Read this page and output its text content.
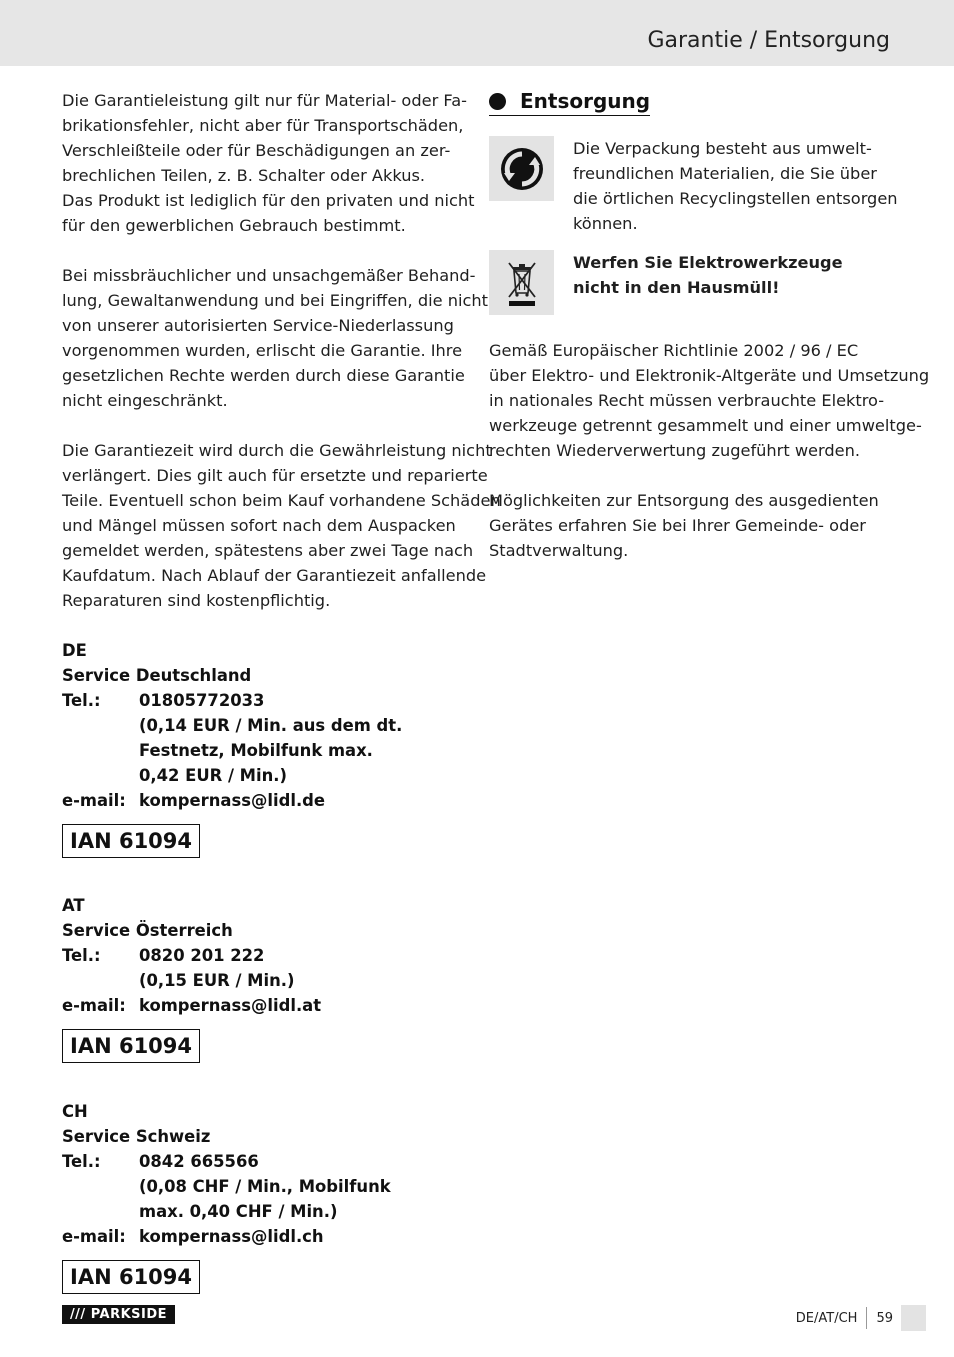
Garantie / Entsorgung

Die Garantieleistung gilt nur für Material- oder Fa-
brikationsfehler, nicht aber für Transportschäden,
Verschleißteile oder für Beschädigungen an zer-
brechlichen Teilen, z. B. Schalter oder Akkus.
Das Produkt ist lediglich für den privaten und nicht
für den gewerblichen Gebrauch bestimmt.

Bei missbräuchlicher und unsachgemäßer Behand-
lung, Gewaltanwendung und bei Eingriffen, die nicht
von unserer autorisierten Service-Niederlassung
vorgenommen wurden, erlischt die Garantie. Ihre
gesetzlichen Rechte werden durch diese Garantie
nicht eingeschränkt.

Die Garantiezeit wird durch die Gewährleistung nicht
verlängert. Dies gilt auch für ersetzte und reparierte
Teile. Eventuell schon beim Kauf vorhandene Schäden
und Mängel müssen sofort nach dem Auspacken
gemeldet werden, spätestens aber zwei Tage nach
Kaufdatum. Nach Ablauf der Garantiezeit anfallende
Reparaturen sind kostenpflichtig.

DE
Service Deutschland
Tel.:	01805772033
(0,14 EUR / Min. aus dem dt.
Festnetz, Mobilfunk max.
0,42 EUR / Min.)
e-mail: kompernass@lidl.de
IAN 61094
AT
Service Österreich
Tel.:	0820 201 222
(0,15 EUR / Min.)
e-mail: kompernass@lidl.at
IAN 61094
CH
Service Schweiz
Tel.:	0842 665566
(0,08 CHF / Min., Mobilfunk
max. 0,40 CHF / Min.)
e-mail: kompernass@lidl.ch
IAN 61094
Entsorgung
Die Verpackung besteht aus umwelt-
freundlichen Materialien, die Sie über
die örtlichen Recyclingstellen entsorgen
können.
Werfen Sie Elektrowerkzeuge
nicht in den Hausmüll!

Gemäß Europäischer Richtlinie 2002 / 96 / EC
über Elektro- und Elektronik-Altgeräte und Umsetzung
in nationales Recht müssen verbrauchte Elektro-
werkzeuge getrennt gesammelt und einer umweltge-
rechten Wiederverwertung zugeführt werden.

Möglichkeiten zur Entsorgung des ausgedienten
Gerätes erfahren Sie bei Ihrer Gemeinde- oder
Stadtverwaltung.

/// PARKSIDE	DE/AT/CH 59
